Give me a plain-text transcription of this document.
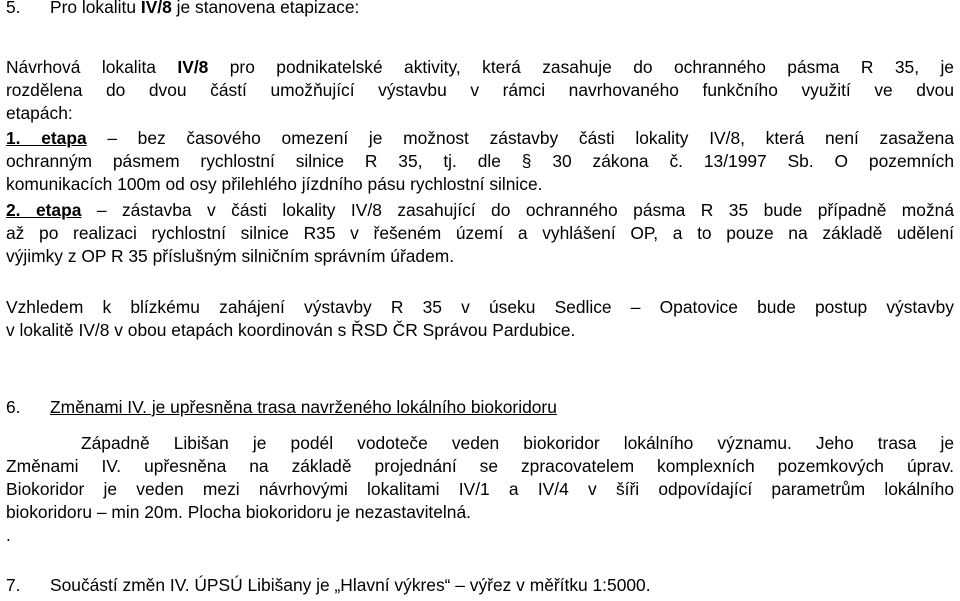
5. Pro lokalitu IV/8 je stanovena etapizace:
Návrhová lokalita IV/8 pro podnikatelské aktivity, která zasahuje do ochranného pásma R 35, je
rozdělena do dvou částí umožňující výstavbu v rámci navrhovaného funkčního využití ve dvou
etapách:
1. etapa – bez časového omezení je možnost zástavby části lokality IV/8, která není zasažena
ochranným pásmem rychlostní silnice R 35, tj. dle § 30 zákona č. 13/1997 Sb. O pozemních
komunikacích 100m od osy přilehlého jízdního pásu rychlostní silnice.
2. etapa – zástavba v části lokality IV/8 zasahující do ochranného pásma R 35 bude případně možná
až po realizaci rychlostní silnice R35 v řešeném území a vyhlášení OP, a to pouze na základě udělení
výjimky z OP R 35 příslušným silničním správním úřadem.
Vzhledem k blízkému zahájení výstavby R 35 v úseku Sedlice – Opatovice bude postup výstavby
v lokalitě IV/8 v obou etapách koordinován s ŘSD ČR Správou Pardubice.
6. Změnami IV. je upřesněna trasa navrženého lokálního biokoridoru
Západně Libišan je podél vodoteče veden biokoridor lokálního významu. Jeho trasa je
Změnami IV. upřesněna na základě projednání se zpracovatelem komplexních pozemkových úprav.
Biokoridor je veden mezi návrhovými lokalitami IV/1 a IV/4 v šíři odpovídající parametrům lokálního
biokoridoru – min 20m. Plocha biokoridoru je nezastavitelná.
.
7. Součástí změn IV. ÚPSÚ Libišany je „Hlavní výkres“ – výřez v měřítku 1:5000.
